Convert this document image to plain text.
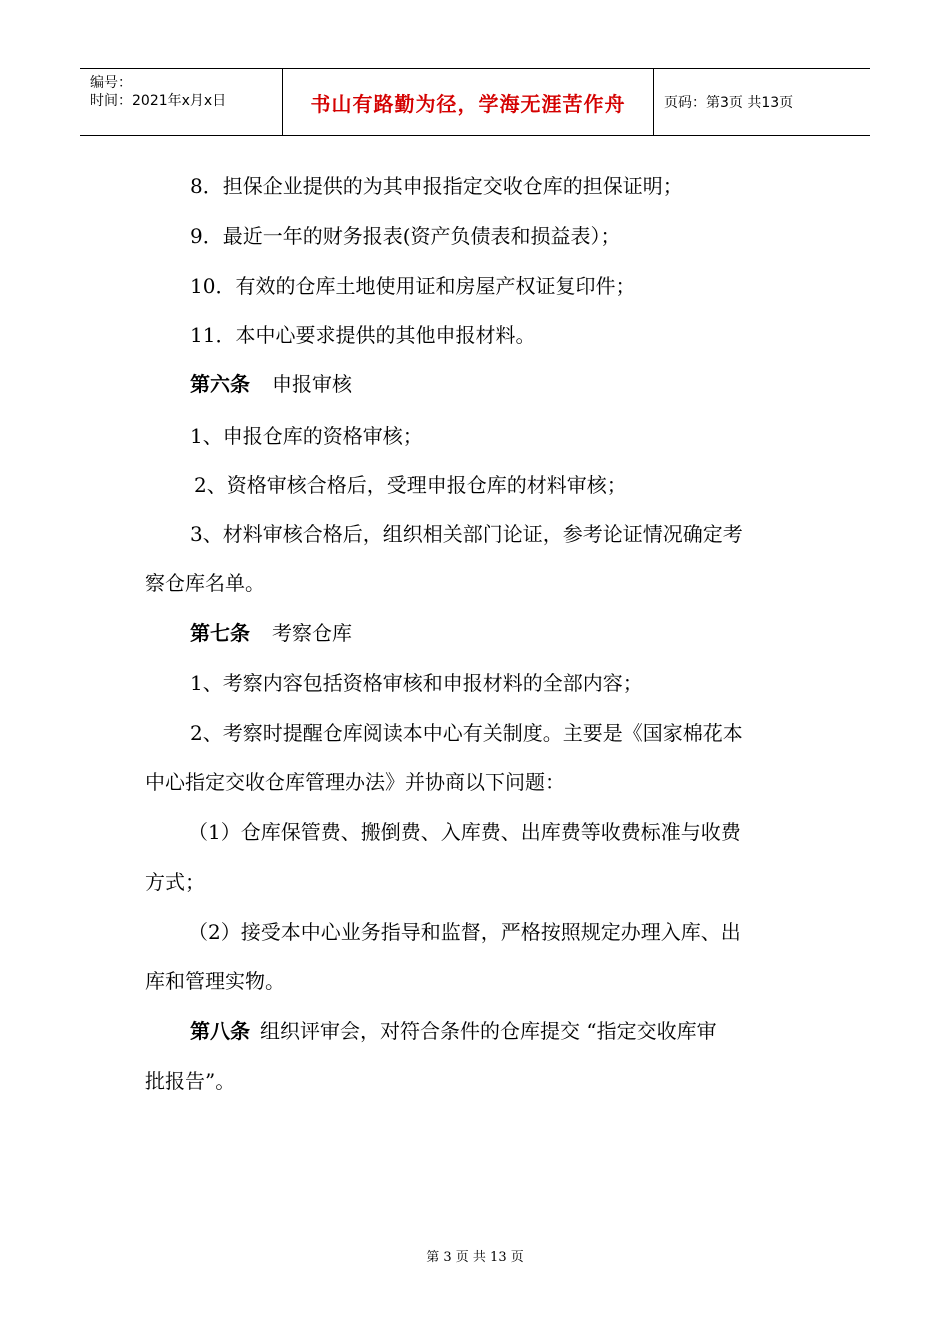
编号：
时间：2021年x月x日	书山有路勤为径，学海无涯苦作舟	页码：第3页 共13页
8．担保企业提供的为其申报指定交收仓库的担保证明；
9．最近一年的财务报表(资产负债表和损益表）；
10．有效的仓库土地使用证和房屋产权证复印件；
11．本中心要求提供的其他申报材料。
第六条 申报审核
1、申报仓库的资格审核；
2、资格审核合格后，受理申报仓库的材料审核；
3、材料审核合格后，组织相关部门论证，参考论证情况确定考
察仓库名单。
第七条 考察仓库
1、考察内容包括资格审核和申报材料的全部内容；
2、考察时提醒仓库阅读本中心有关制度。主要是《国家棉花本
中心指定交收仓库管理办法》并协商以下问题：
（1）仓库保管费、搬倒费、入库费、出库费等收费标准与收费
方式；
（2）接受本中心业务指导和监督，严格按照规定办理入库、出
库和管理实物。
第八条 组织评审会，对符合条件的仓库提交 “指定交收库审
批报告”。
第 3 页 共 13 页
